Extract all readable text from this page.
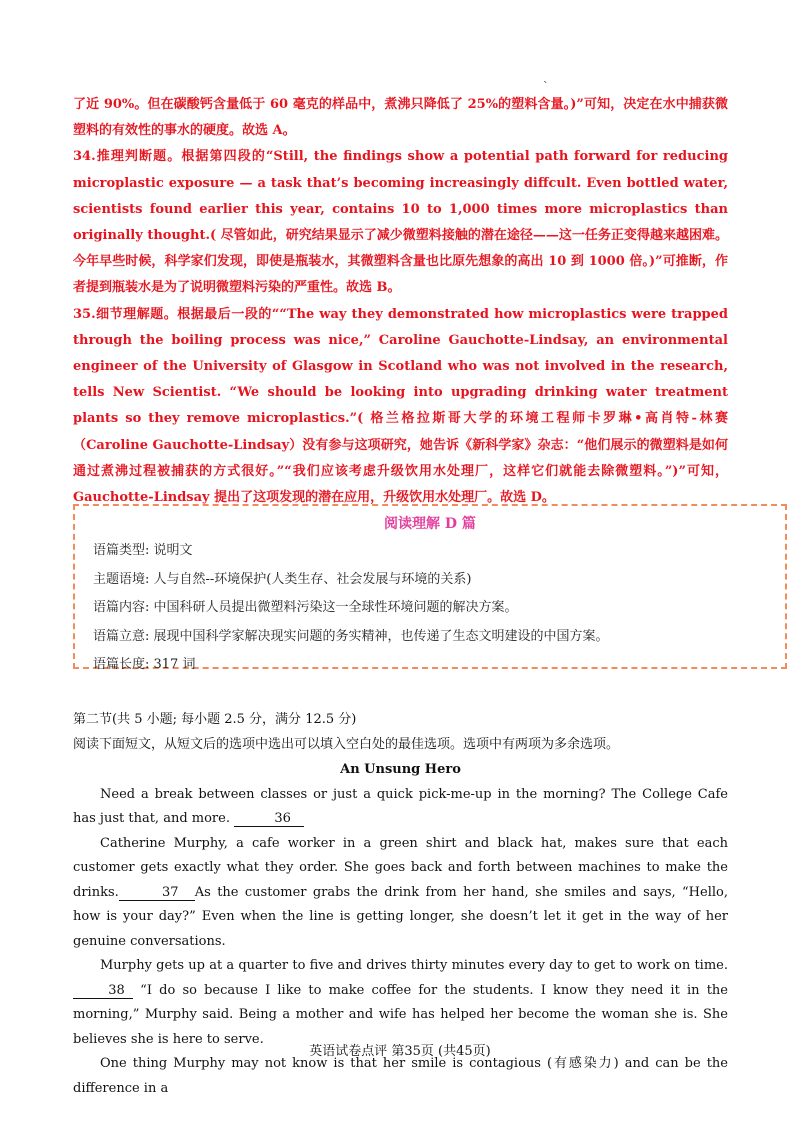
`
了近 90%。但在碳酸钙含量低于 60 毫克的样品中，煮沸只降低了 25%的塑料含量。)”可知，决定在水中捕获微塑料的有效性的事水的硬度。故选 A。
34.推理判断题。根据第四段的“Still, the findings show a potential path forward for reducing microplastic exposure — a task that’s becoming increasingly diffcult. Even bottled water, scientists found earlier this year, contains 10 to 1,000 times more microplastics than originally thought.( 尽管如此，研究结果显示了减少微塑料接触的潜在途径——这一任务正变得越来越困难。今年早些时候，科学家们发现，即使是瓶装水，其微塑料含量也比原先想象的高出 10 到 1000 倍。)”可推断，作者提到瓶装水是为了说明微塑料污染的严重性。故选 B。
35.细节理解题。根据最后一段的““The way they demonstrated how microplastics were trapped through the boiling process was nice,” Caroline Gauchotte-Lindsay, an environmental engineer of the University of Glasgow in Scotland who was not involved in the research, tells New Scientist. “We should be looking into upgrading drinking water treatment plants so they remove microplastics.”( 格兰格拉斯哥大学的环境工程师卡罗琳•高肖特-林赛（Caroline Gauchotte-Lindsay）没有参与这项研究，她告诉《新科学家》杂志：“他们展示的微塑料是如何通过煮沸过程被捕获的方式很好。”“我们应该考虑升级饮用水处理厂，这样它们就能去除微塑料。”)”可知，Gauchotte-Lindsay 提出了这项发现的潜在应用，升级饮用水处理厂。故选 D。
阅读理解 D 篇
语篇类型: 说明文
主题语境: 人与自然--环境保护(人类生存、社会发展与环境的关系)
语篇内容: 中国科研人员提出微塑料污染这一全球性环境问题的解决方案。
语篇立意: 展现中国科学家解决现实问题的务实精神，也传递了生态文明建设的中国方案。
语篇长度: 317 词
第二节(共 5 小题; 每小题 2.5 分，满分 12.5 分)
阅读下面短文，从短文后的选项中选出可以填入空白处的最佳选项。选项中有两项为多余选项。
An Unsung Hero
Need a break between classes or just a quick pick-me-up in the morning? The College Cafe has just that, and more.	36
Catherine Murphy, a cafe worker in a green shirt and black hat, makes sure that each customer gets exactly what they order. She goes back and forth between machines to make the drinks.	37 As the customer grabs the drink from her hand, she smiles and says, “Hello, how is your day?” Even when the line is getting longer, she doesn’t let it get in the way of her genuine conversations.
Murphy gets up at a quarter to five and drives thirty minutes every day to get to work on time.38 “I do so because I like to make coffee for the students. I know they need it in the morning,” Murphy said. Being a mother and wife has helped her become the woman she is. She believes she is here to serve.
One thing Murphy may not know is that her smile is contagious (有感染力) and can be the difference in a
英语试卷点评 第35页 (共45页)
